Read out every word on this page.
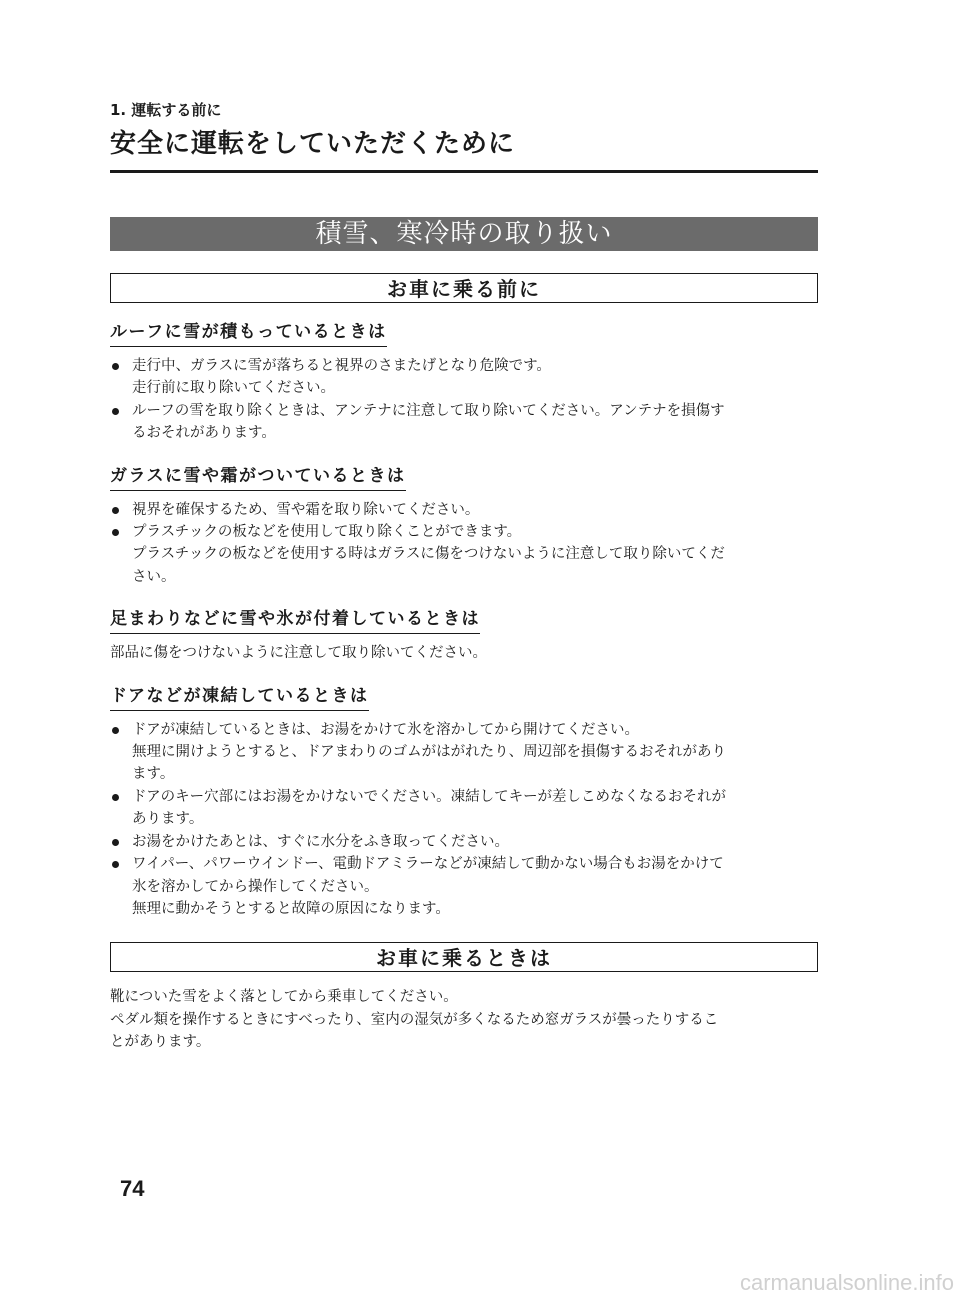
1. 運転する前に
安全に運転をしていただくために
積雪、寒冷時の取り扱い
お車に乗る前に
ルーフに雪が積もっているときは
走行中、ガラスに雪が落ちると視界のさまたげとなり危険です。
走行前に取り除いてください。
ルーフの雪を取り除くときは、アンテナに注意して取り除いてください。アンテナを損傷す
るおそれがあります。
ガラスに雪や霜がついているときは
視界を確保するため、雪や霜を取り除いてください。
プラスチックの板などを使用して取り除くことができます。
プラスチックの板などを使用する時はガラスに傷をつけないように注意して取り除いてくだ
さい。
足まわりなどに雪や氷が付着しているときは
部品に傷をつけないように注意して取り除いてください。
ドアなどが凍結しているときは
ドアが凍結しているときは、お湯をかけて氷を溶かしてから開けてください。
無理に開けようとすると、ドアまわりのゴムがはがれたり、周辺部を損傷するおそれがあり
ます。
ドアのキー穴部にはお湯をかけないでください。凍結してキーが差しこめなくなるおそれが
あります。
お湯をかけたあとは、すぐに水分をふき取ってください。
ワイパー、パワーウインドー、電動ドアミラーなどが凍結して動かない場合もお湯をかけて
氷を溶かしてから操作してください。
無理に動かそうとすると故障の原因になります。
お車に乗るときは
靴についた雪をよく落としてから乗車してください。
ペダル類を操作するときにすべったり、室内の湿気が多くなるため窓ガラスが曇ったりするこ
とがあります。
74
carmanualsonline.info
